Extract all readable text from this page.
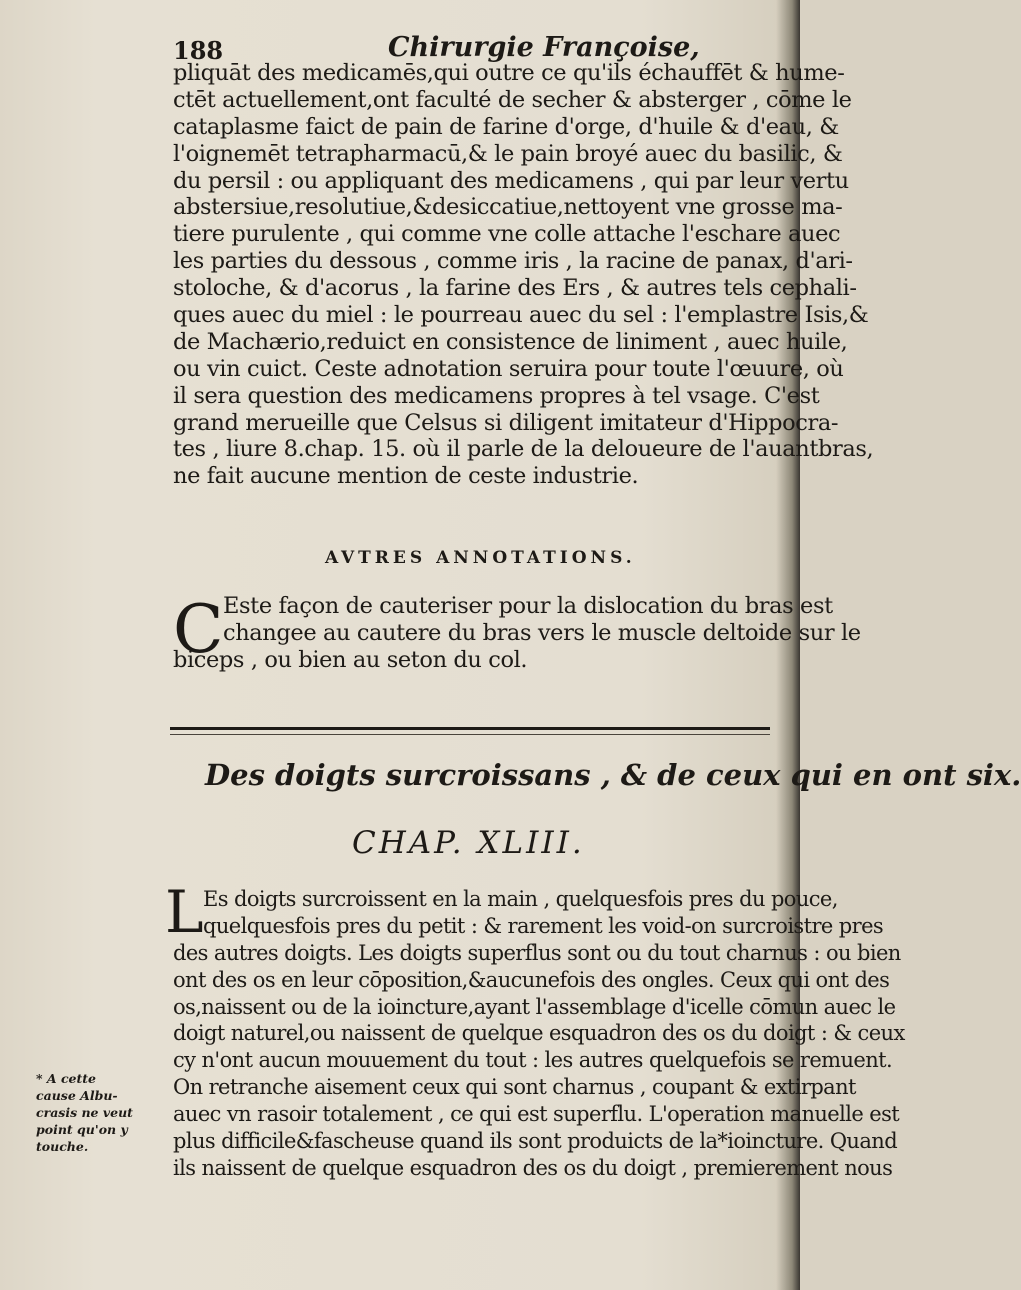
188	Chirurgie Françoise,
pliquāt des medicamēs,qui outre ce qu'ils échauffēt & hume-
ctēt actuellement,ont faculté de secher & absterger , cōme le
cataplasme faict de pain de farine d'orge, d'huile & d'eau, &
l'oignemēt tetrapharmacū,& le pain broyé auec du basilic, &
du persil : ou appliquant des medicamens , qui par leur vertu
abstersiue,resolutiue,&desiccatiue,nettoyent vne grosse ma-
tiere purulente , qui comme vne colle attache l'eschare auec
les parties du dessous , comme iris , la racine de panax, d'ari-
stoloche, & d'acorus , la farine des Ers , & autres tels cephali-
ques auec du miel : le pourreau auec du sel : l'emplastre Isis,&
de Machærio,reduict en consistence de liniment , auec huile,
ou vin cuict. Ceste adnotation seruira pour toute l'œuure, où
il sera question des medicamens propres à tel vsage. C'est
grand merueille que Celsus si diligent imitateur d'Hippocra-
tes , liure 8.chap. 15. où il parle de la delouеure de l'auantbras,
ne fait aucune mention de ceste industrie.
AVTRES ANNOTATIONS.
C Este façon de cauteriser pour la dislocation du bras est
changee au cautere du bras vers le muscle deltoide sur le
biceps , ou bien au seton du col.
Des doigts surcroissans , & de ceux qui en ont six.
CHAP. XLIII.
L Es doigts surcroissent en la main , quelquesfois pres du pouce,
quelquesfois pres du petit : & rarement les void-on surcroistre pres
des autres doigts. Les doigts superflus sont ou du tout charnus : ou bien
ont des os en leur cōposition,&aucunefois des ongles. Ceux qui ont des
os,naissent ou de la ioincture,ayant l'assemblage d'icelle cōmun auec le
doigt naturel,ou naissent de quelque esquadron des os du doigt : & ceux
cy n'ont aucun mouuement du tout : les autres quelquefois se remuent.
On retranche aisement ceux qui sont charnus , coupant & extirpant
auec vn rasoir totalement , ce qui est superflu. L'operation manuelle est
plus difficile&fascheuse quand ils sont produicts de la*ioincture. Quand
ils naissent de quelque esquadron des os du doigt , premierement nous
* A cette
cause Albu-
crasis ne veut
point qu'on y
touche.
